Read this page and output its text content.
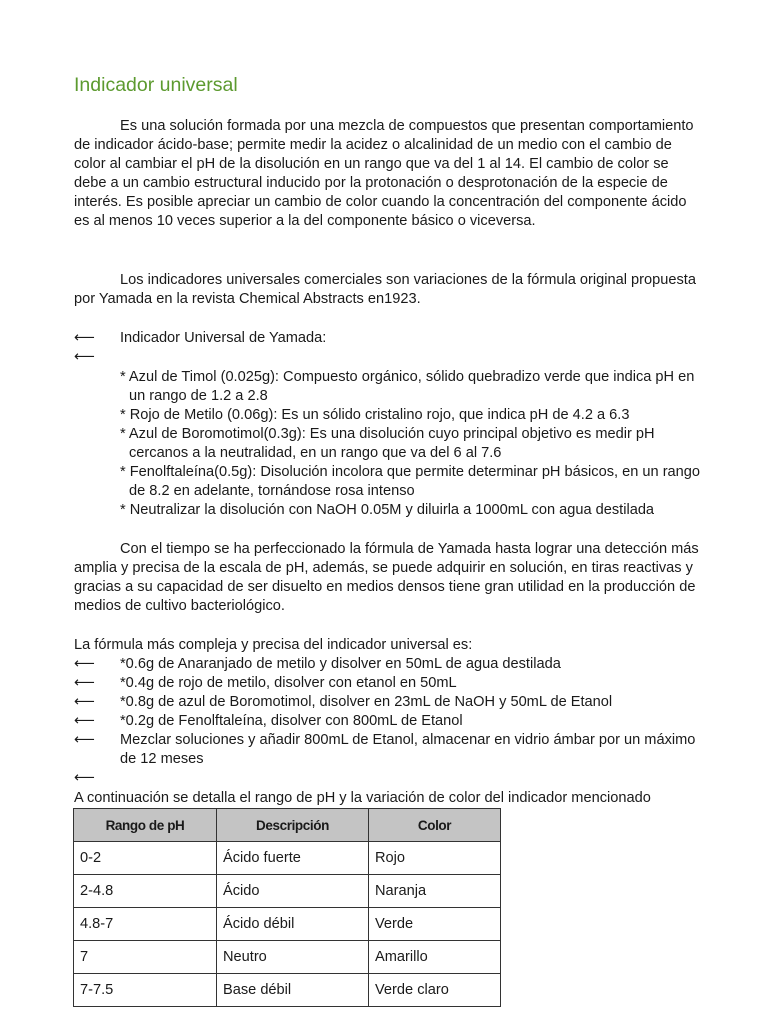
Indicador universal

Es una solución formada por una mezcla de compuestos que presentan comportamiento de indicador ácido-base; permite medir la acidez o alcalinidad de un medio con el cambio de color al cambiar el pH de la disolución en un rango que va del 1 al 14. El cambio de color se debe a un cambio estructural inducido por la protonación o desprotonación de la especie de interés. Es posible apreciar un cambio de color cuando la concentración del componente ácido es al menos 10 veces superior a la del componente básico o viceversa.

Los indicadores universales comerciales son variaciones de la fórmula original propuesta por Yamada en la revista Chemical Abstracts en1923.

⟵	Indicador Universal de Yamada:
⟵
* Azul de Timol (0.025g): Compuesto orgánico, sólido quebradizo verde que indica pH en un rango de 1.2 a 2.8
* Rojo de Metilo (0.06g): Es un sólido cristalino rojo, que indica pH de 4.2 a 6.3
* Azul de Boromotimol(0.3g): Es una disolución cuyo principal objetivo es medir pH cercanos a la neutralidad, en un rango que va del 6 al 7.6
* Fenolftaleína(0.5g): Disolución incolora que permite determinar pH básicos, en un rango de 8.2 en adelante, tornándose rosa intenso
* Neutralizar la disolución con NaOH 0.05M y diluirla a 1000mL con agua destilada

Con el tiempo se ha perfeccionado la fórmula de Yamada hasta lograr una detección más amplia y precisa de la escala de pH, además, se puede adquirir en solución, en tiras reactivas y gracias a su capacidad de ser disuelto en medios densos tiene gran utilidad en la producción de medios de cultivo bacteriológico.

La fórmula más compleja y precisa del indicador universal es:

⟵	*0.6g de Anaranjado de metilo y disolver en 50mL de agua destilada
⟵	*0.4g de rojo de metilo, disolver con etanol en 50mL
⟵	*0.8g de azul de Boromotimol, disolver en 23mL de NaOH y 50mL de Etanol
⟵	*0.2g de Fenolftaleína, disolver con 800mL de Etanol
⟵	Mezclar soluciones y añadir 800mL de Etanol, almacenar en vidrio ámbar por un máximo de 12 meses
⟵

A continuación se detalla el rango de pH y la variación de color del indicador mencionado

Rango de pH	Descripción	Color
0-2	Ácido fuerte	Rojo
2-4.8	Ácido	Naranja
4.8-7	Ácido débil	Verde
7	Neutro	Amarillo
7-7.5	Base débil	Verde claro
